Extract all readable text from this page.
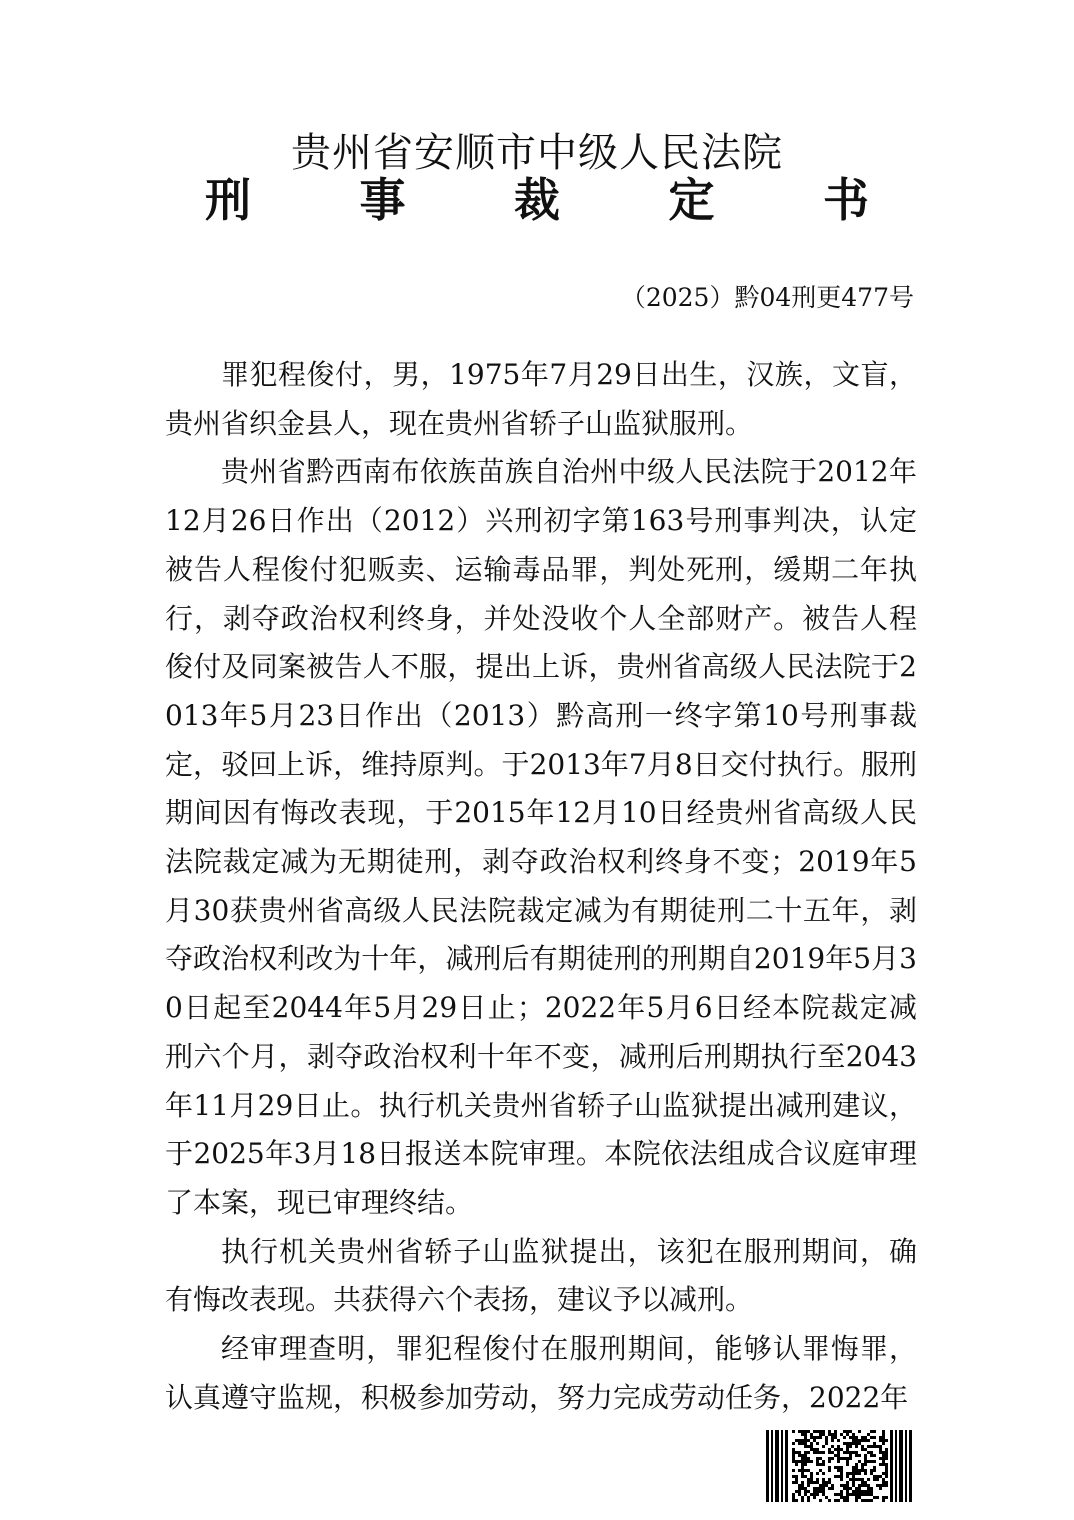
贵州省安顺市中级人民法院
刑 事 裁 定 书
（2025）黔04刑更477号

罪犯程俊付，男，1975年7月29日出生，汉族，文盲，贵州省织金县人，现在贵州省轿子山监狱服刑。

贵州省黔西南布依族苗族自治州中级人民法院于2012年12月26日作出（2012）兴刑初字第163号刑事判决，认定被告人程俊付犯贩卖、运输毒品罪，判处死刑，缓期二年执行，剥夺政治权利终身，并处没收个人全部财产。被告人程俊付及同案被告人不服，提出上诉，贵州省高级人民法院于2013年5月23日作出（2013）黔高刑一终字第10号刑事裁定，驳回上诉，维持原判。于2013年7月8日交付执行。服刑期间因有悔改表现，于2015年12月10日经贵州省高级人民法院裁定减为无期徒刑，剥夺政治权利终身不变；2019年5月30获贵州省高级人民法院裁定减为有期徒刑二十五年，剥夺政治权利改为十年，减刑后有期徒刑的刑期自2019年5月30日起至2044年5月29日止；2022年5月6日经本院裁定减刑六个月，剥夺政治权利十年不变，减刑后刑期执行至2043年11月29日止。执行机关贵州省轿子山监狱提出减刑建议，于2025年3月18日报送本院审理。本院依法组成合议庭审理了本案，现已审理终结。

执行机关贵州省轿子山监狱提出，该犯在服刑期间，确有悔改表现。共获得六个表扬，建议予以减刑。

经审理查明，罪犯程俊付在服刑期间，能够认罪悔罪，认真遵守监规，积极参加劳动，努力完成劳动任务，2022年
